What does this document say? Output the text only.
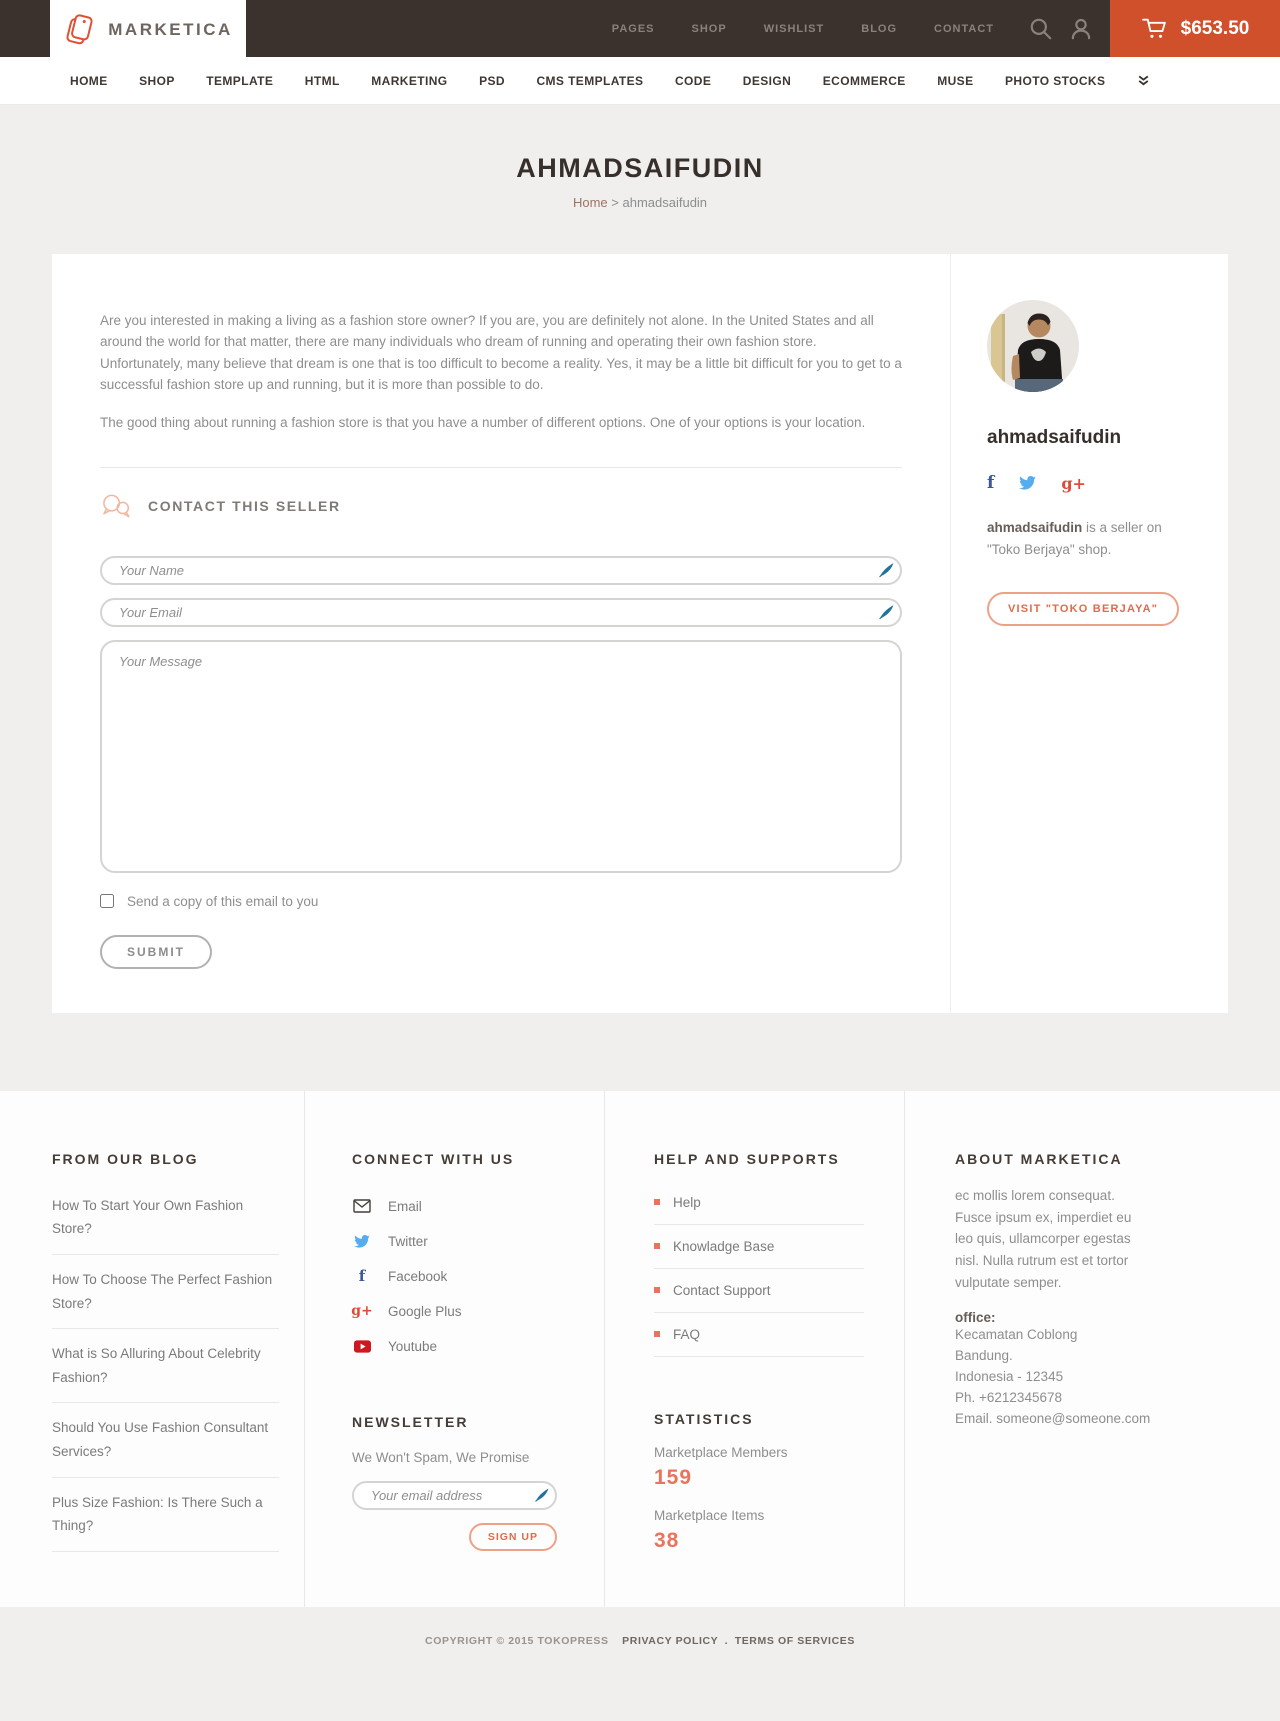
MARKETICA	PAGES	SHOP	WISHLIST	BLOG	CONTACT	$653.50
HOME	SHOP	TEMPLATE	HTML	MARKETING	PSD	CMS TEMPLATES	CODE	DESIGN	ECOMMERCE	MUSE	PHOTO STOCKS
AHMADSAIFUDIN
Home > ahmadsaifudin

Are you interested in making a living as a fashion store owner? If you are, you are definitely not alone. In the United States and all around the world for that matter, there are many individuals who dream of running and operating their own fashion store. Unfortunately, many believe that dream is one that is too difficult to become a reality. Yes, it may be a little bit difficult for you to get to a successful fashion store up and running, but it is more than possible to do.

The good thing about running a fashion store is that you have a number of different options. One of your options is your location.

CONTACT THIS SELLER
Your Name
Your Email
Your Message
Send a copy of this email to you
SUBMIT
ahmadsaifudin
f	g+

ahmadsaifudin is a seller on "Toko Berjaya" shop.

VISIT "TOKO BERJAYA"
FROM OUR BLOG
How To Start Your Own Fashion Store?
How To Choose The Perfect Fashion Store?
What is So Alluring About Celebrity Fashion?
Should You Use Fashion Consultant Services?
Plus Size Fashion: Is There Such a Thing?
CONNECT WITH US
Email
Twitter
f Facebook
g+ Google Plus
Youtube
NEWSLETTER
We Won't Spam, We Promise
Your email address
SIGN UP
HELP AND SUPPORTS
Help
Knowladge Base
Contact Support
FAQ
STATISTICS
Marketplace Members
159
Marketplace Items
38
ABOUT MARKETICA
ec mollis lorem consequat. Fusce ipsum ex, imperdiet eu leo quis, ullamcorper egestas nisl. Nulla rutrum est et tortor vulputate semper.
office:
Kecamatan Coblong
Bandung.
Indonesia - 12345
Ph. +6212345678
Email. someone@someone.com
COPYRIGHT © 2015 TOKOPRESS PRIVACY POLICY . TERMS OF SERVICES
